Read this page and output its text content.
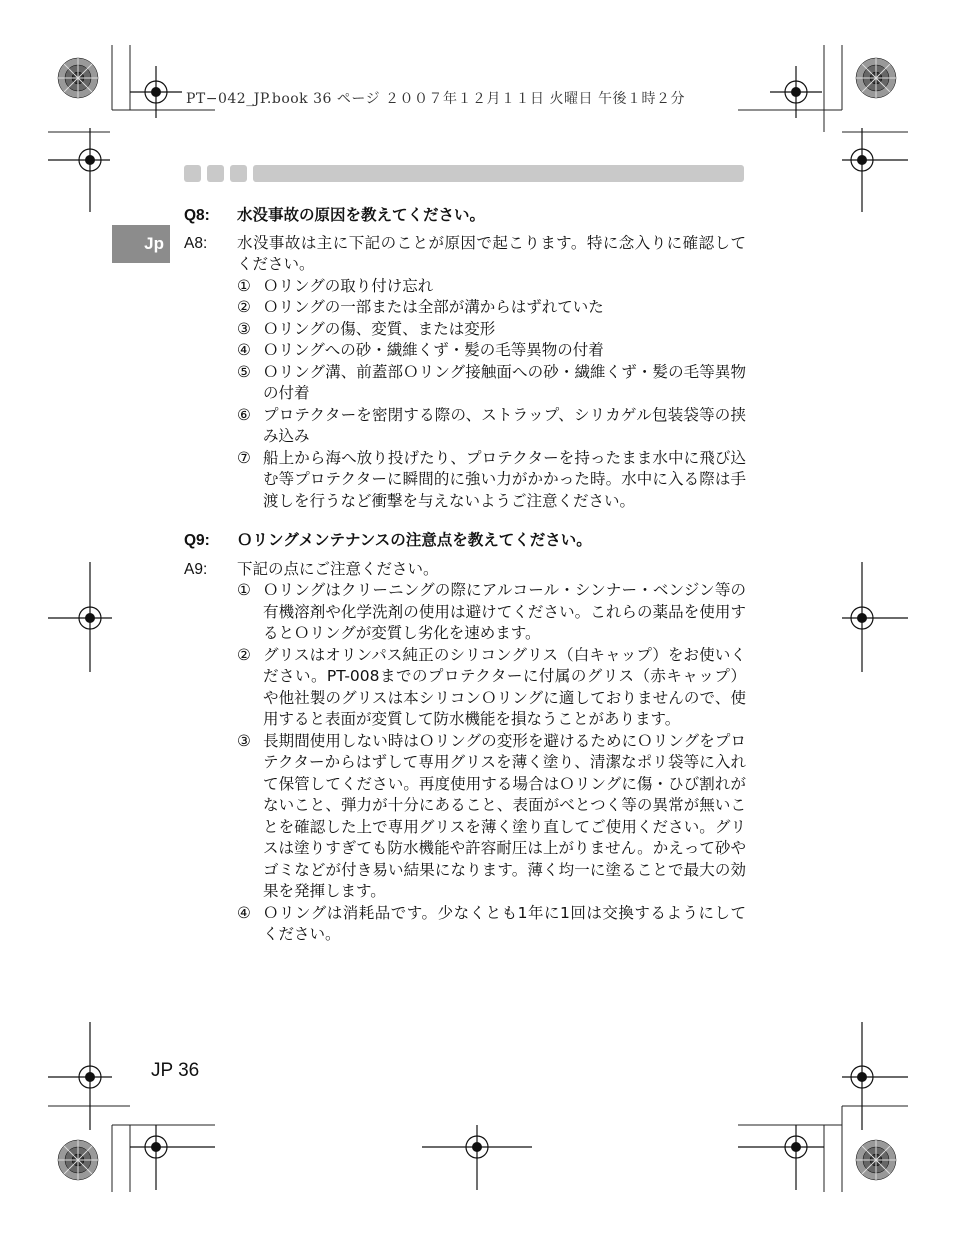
PT−042_JP.book 36 ページ ２００７年１２月１１日 火曜日 午後１時２分
Jp
Q8:	水没事故の原因を教えてください。
A8:	水没事故は主に下記のことが原因で起こります。特に念入りに確認してください。
① Ｏリングの取り付け忘れ
② Ｏリングの一部または全部が溝からはずれていた
③ Ｏリングの傷、変質、または変形
④ Ｏリングへの砂・繊維くず・髪の毛等異物の付着
⑤ Ｏリング溝、前蓋部Ｏリング接触面への砂・繊維くず・髪の毛等異物の付着
⑥ プロテクターを密閉する際の、ストラップ、シリカゲル包装袋等の挟み込み
⑦ 船上から海へ放り投げたり、プロテクターを持ったまま水中に飛び込む等プロテクターに瞬間的に強い力がかかった時。水中に入る際は手渡しを行うなど衝撃を与えないようご注意ください。
Q9:	Ｏリングメンテナンスの注意点を教えてください。
A9:	下記の点にご注意ください。
① Ｏリングはクリーニングの際にアルコール・シンナー・ベンジン等の有機溶剤や化学洗剤の使用は避けてください。これらの薬品を使用するとＯリングが変質し劣化を速めます。
② グリスはオリンパス純正のシリコングリス（白キャップ）をお使いください。PT-008までのプロテクターに付属のグリス（赤キャップ）や他社製のグリスは本シリコンＯリングに適しておりませんので、使用すると表面が変質して防水機能を損なうことがあります。
③ 長期間使用しない時はＯリングの変形を避けるためにＯリングをプロテクターからはずして専用グリスを薄く塗り、清潔なポリ袋等に入れて保管してください。再度使用する場合はＯリングに傷・ひび割れがないこと、弾力が十分にあること、表面がべとつく等の異常が無いことを確認した上で専用グリスを薄く塗り直してご使用ください。グリスは塗りすぎても防水機能や許容耐圧は上がりません。かえって砂やゴミなどが付き易い結果になります。薄く均一に塗ることで最大の効果を発揮します。
④ Ｏリングは消耗品です。少なくとも1年に1回は交換するようにしてください。
JP 36
